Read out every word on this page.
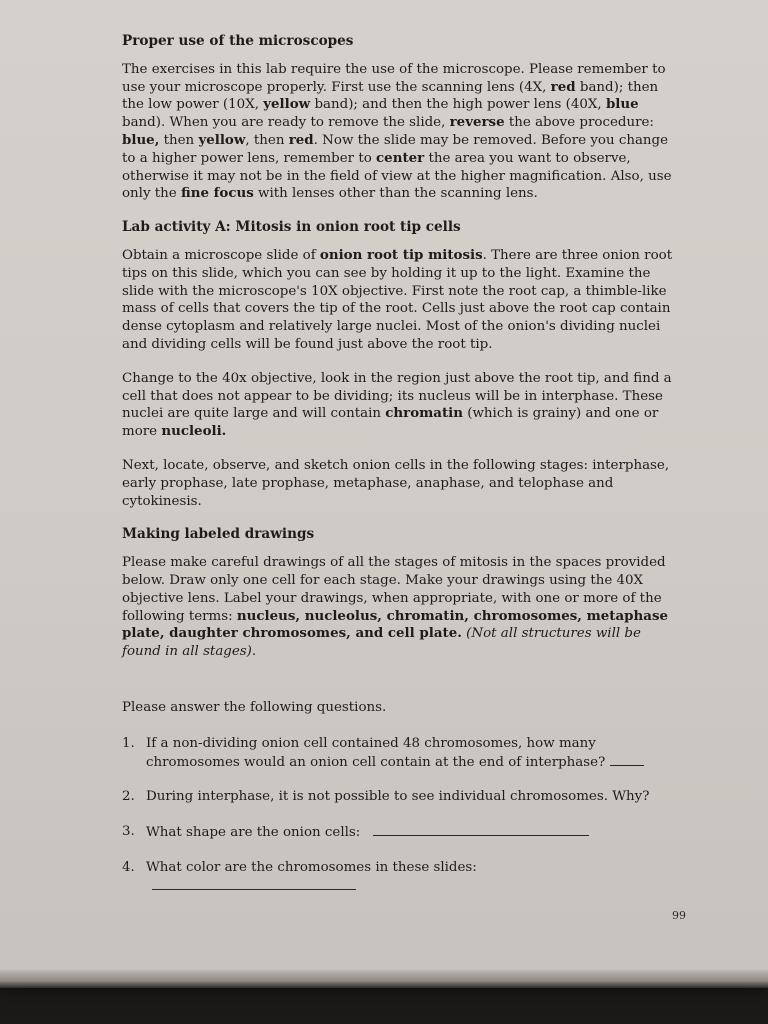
Proper use of the microscopes

The exercises in this lab require the use of the microscope. Please remember to use your microscope properly. First use the scanning lens (4X, red band); then the low power (10X, yellow band); and then the high power lens (40X, blue band). When you are ready to remove the slide, reverse the above procedure: blue, then yellow, then red. Now the slide may be removed. Before you change to a higher power lens, remember to center the area you want to observe, otherwise it may not be in the field of view at the higher magnification. Also, use only the fine focus with lenses other than the scanning lens.

Lab activity A: Mitosis in onion root tip cells

Obtain a microscope slide of onion root tip mitosis. There are three onion root tips on this slide, which you can see by holding it up to the light. Examine the slide with the microscope's 10X objective. First note the root cap, a thimble-like mass of cells that covers the tip of the root. Cells just above the root cap contain dense cytoplasm and relatively large nuclei. Most of the onion's dividing nuclei and dividing cells will be found just above the root tip.

Change to the 40x objective, look in the region just above the root tip, and find a cell that does not appear to be dividing; its nucleus will be in interphase. These nuclei are quite large and will contain chromatin (which is grainy) and one or more nucleoli.

Next, locate, observe, and sketch onion cells in the following stages: interphase, early prophase, late prophase, metaphase, anaphase, and telophase and cytokinesis.

Making labeled drawings

Please make careful drawings of all the stages of mitosis in the spaces provided below. Draw only one cell for each stage. Make your drawings using the 40X objective lens. Label your drawings, when appropriate, with one or more of the following terms: nucleus, nucleolus, chromatin, chromosomes, metaphase plate, daughter chromosomes, and cell plate. (Not all structures will be found in all stages).

Please answer the following questions.
1. If a non-dividing onion cell contained 48 chromosomes, how many chromosomes would an onion cell contain at the end of interphase?
2. During interphase, it is not possible to see individual chromosomes. Why?
3. What shape are the onion cells:
4. What color are the chromosomes in these slides:
99
